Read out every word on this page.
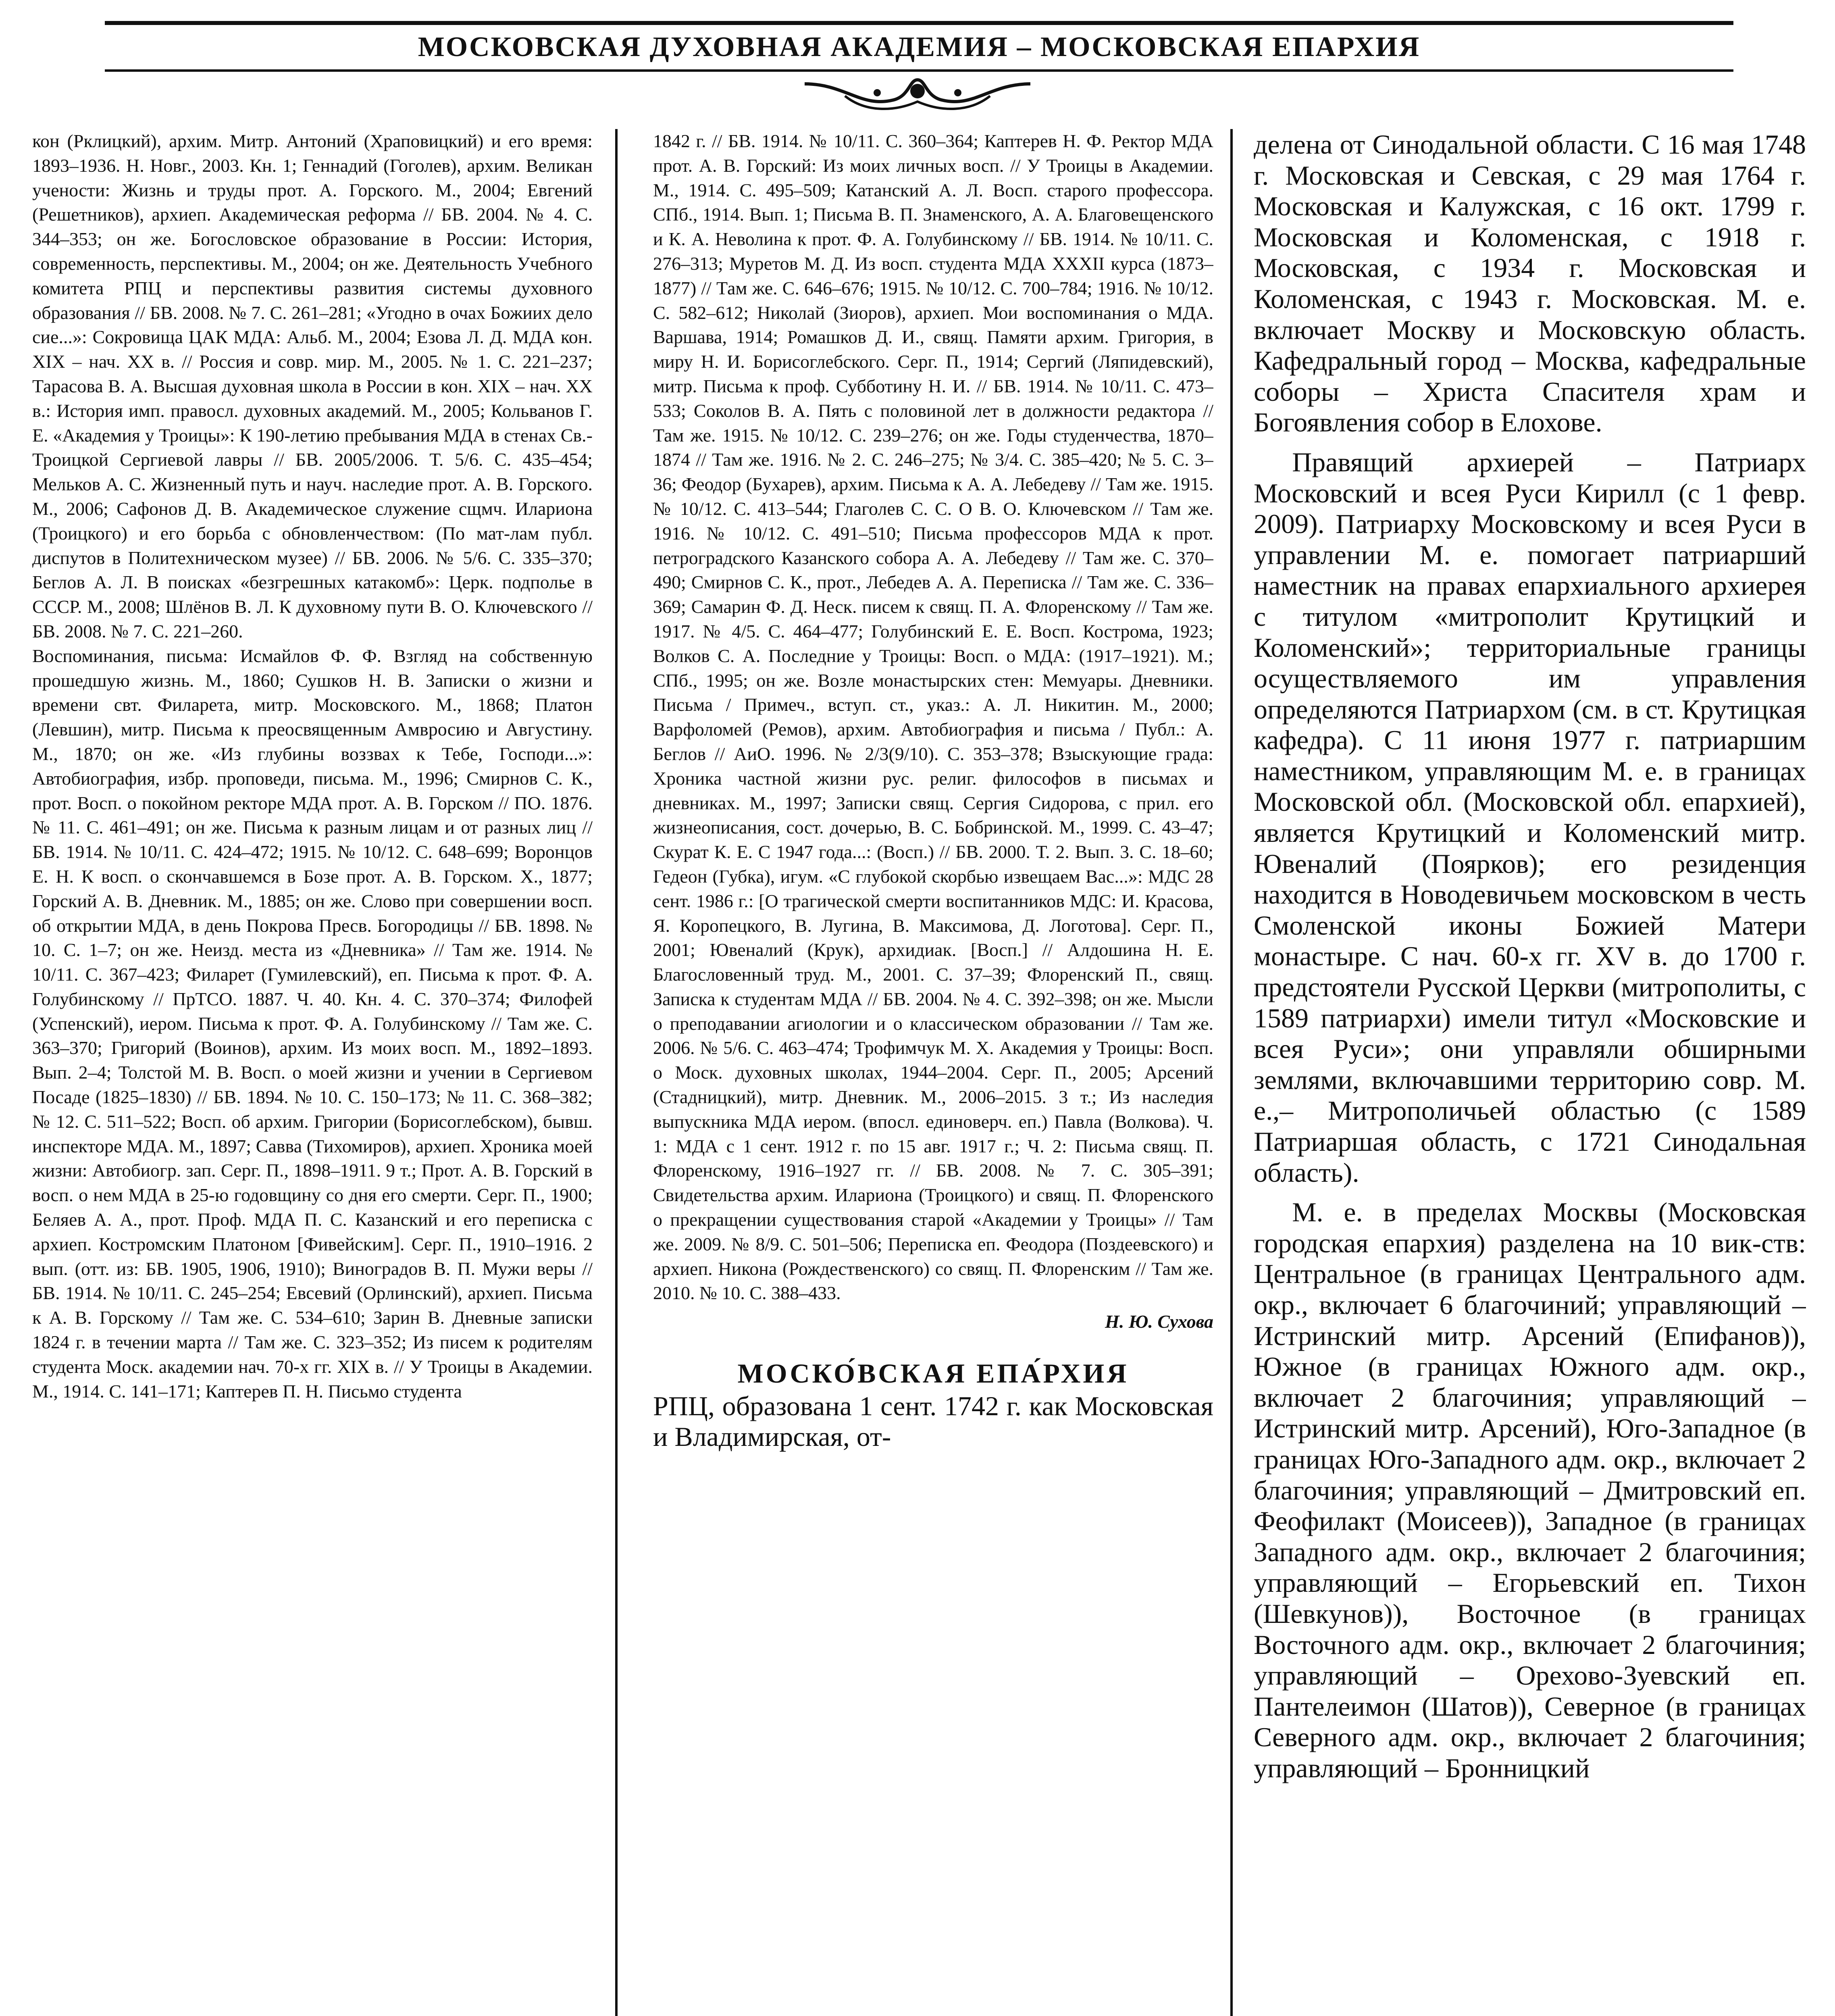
МОСКОВСКАЯ ДУХОВНАЯ АКАДЕМИЯ – МОСКОВСКАЯ ЕПАРХИЯ

кон (Рклицкий), архим. Митр. Антоний (Храповицкий) и его время: 1893–1936. Н. Новг., 2003. Кн. 1; Геннадий (Гоголев), архим. Великан учености: Жизнь и труды прот. А. Горского. М., 2004; Евгений (Решетников), архиеп. Академическая реформа // БВ. 2004. № 4. С. 344–353; он же. Богословское образование в России: История, современность, перспективы. М., 2004; он же. Деятельность Учебного комитета РПЦ и перспективы развития системы духовного образования // БВ. 2008. № 7. С. 261–281; «Угодно в очах Божиих дело сие...»: Сокровища ЦАК МДА: Альб. М., 2004; Езова Л. Д. МДА кон. XIX – нач. XX в. // Россия и совр. мир. М., 2005. № 1. С. 221–237; Тарасова В. А. Высшая духовная школа в России в кон. XIX – нач. XX в.: История имп. правосл. духовных академий. М., 2005; Кольванов Г. Е. «Академия у Троицы»: К 190-летию пребывания МДА в стенах Св.-Троицкой Сергиевой лавры // БВ. 2005/2006. Т. 5/6. С. 435–454; Мельков А. С. Жизненный путь и науч. наследие прот. А. В. Горского. М., 2006; Сафонов Д. В. Академическое служение сщмч. Илариона (Троицкого) и его борьба с обновленчеством: (По мат-лам публ. диспутов в Политехническом музее) // БВ. 2006. № 5/6. С. 335–370; Беглов А. Л. В поисках «безгрешных катакомб»: Церк. подполье в СССР. М., 2008; Шлёнов В. Л. К духовному пути В. О. Ключевского // БВ. 2008. № 7. С. 221–260.

Воспоминания, письма: Исмайлов Ф. Ф. Взгляд на собственную прошедшую жизнь. М., 1860; Сушков Н. В. Записки о жизни и времени свт. Филарета, митр. Московского. М., 1868; Платон (Левшин), митр. Письма к преосвященным Амвросию и Августину. М., 1870; он же. «Из глубины воззвах к Тебе, Господи...»: Автобиография, избр. проповеди, письма. М., 1996; Смирнов С. К., прот. Восп. о покойном ректоре МДА прот. А. В. Горском // ПО. 1876. № 11. С. 461–491; он же. Письма к разным лицам и от разных лиц // БВ. 1914. № 10/11. С. 424–472; 1915. № 10/12. С. 648–699; Воронцов Е. Н. К восп. о скончавшемся в Бозе прот. А. В. Горском. Х., 1877; Горский А. В. Дневник. М., 1885; он же. Слово при совершении восп. об открытии МДА, в день Покрова Пресв. Богородицы // БВ. 1898. № 10. С. 1–7; он же. Неизд. места из «Дневника» // Там же. 1914. № 10/11. С. 367–423; Филарет (Гумилевский), еп. Письма к прот. Ф. А. Голубинскому // ПрТСО. 1887. Ч. 40. Кн. 4. С. 370–374; Филофей (Успенский), иером. Письма к прот. Ф. А. Голубинскому // Там же. С. 363–370; Григорий (Воинов), архим. Из моих восп. М., 1892–1893. Вып. 2–4; Толстой М. В. Восп. о моей жизни и учении в Сергиевом Посаде (1825–1830) // БВ. 1894. № 10. С. 150–173; № 11. С. 368–382; № 12. С. 511–522; Восп. об архим. Григории (Борисоглебском), бывш. инспекторе МДА. М., 1897; Савва (Тихомиров), архиеп. Хроника моей жизни: Автобиогр. зап. Серг. П., 1898–1911. 9 т.; Прот. А. В. Горский в восп. о нем МДА в 25-ю годовщину со дня его смерти. Серг. П., 1900; Беляев А. А., прот. Проф. МДА П. С. Казанский и его переписка с архиеп. Костромским Платоном [Фивейским]. Серг. П., 1910–1916. 2 вып. (отт. из: БВ. 1905, 1906, 1910); Виноградов В. П. Мужи веры // БВ. 1914. № 10/11. С. 245–254; Евсевий (Орлинский), архиеп. Письма к А. В. Горскому // Там же. С. 534–610; Зарин В. Дневные записки 1824 г. в течении марта // Там же. С. 323–352; Из писем к родителям студента Моск. академии нач. 70-х гг. XIX в. // У Троицы в Академии. М., 1914. С. 141–171; Каптерев П. Н. Письмо студента

1842 г. // БВ. 1914. № 10/11. С. 360–364; Каптерев Н. Ф. Ректор МДА прот. А. В. Горский: Из моих личных восп. // У Троицы в Академии. М., 1914. С. 495–509; Катанский А. Л. Восп. старого профессора. СПб., 1914. Вып. 1; Письма В. П. Знаменского, А. А. Благовещенского и К. А. Неволина к прот. Ф. А. Голубинскому // БВ. 1914. № 10/11. С. 276–313; Муретов М. Д. Из восп. студента МДА XXXII курса (1873–1877) // Там же. С. 646–676; 1915. № 10/12. С. 700–784; 1916. № 10/12. С. 582–612; Николай (Зиоров), архиеп. Мои воспоминания о МДА. Варшава, 1914; Ромашков Д. И., свящ. Памяти архим. Григория, в миру Н. И. Борисоглебского. Серг. П., 1914; Сергий (Ляпидевский), митр. Письма к проф. Субботину Н. И. // БВ. 1914. № 10/11. С. 473–533; Соколов В. А. Пять с половиной лет в должности редактора // Там же. 1915. № 10/12. С. 239–276; он же. Годы студенчества, 1870–1874 // Там же. 1916. № 2. С. 246–275; № 3/4. С. 385–420; № 5. С. 3–36; Феодор (Бухарев), архим. Письма к А. А. Лебедеву // Там же. 1915. № 10/12. С. 413–544; Глаголев С. С. О В. О. Ключевском // Там же. 1916. № 10/12. С. 491–510; Письма профессоров МДА к прот. петроградского Казанского собора А. А. Лебедеву // Там же. С. 370–490; Смирнов С. К., прот., Лебедев А. А. Переписка // Там же. С. 336–369; Самарин Ф. Д. Неск. писем к свящ. П. А. Флоренскому // Там же. 1917. № 4/5. С. 464–477; Голубинский Е. Е. Восп. Кострома, 1923; Волков С. А. Последние у Троицы: Восп. о МДА: (1917–1921). М.; СПб., 1995; он же. Возле монастырских стен: Мемуары. Дневники. Письма / Примеч., вступ. ст., указ.: А. Л. Никитин. М., 2000; Варфоломей (Ремов), архим. Автобиография и письма / Публ.: А. Беглов // АиО. 1996. № 2/3(9/10). С. 353–378; Взыскующие града: Хроника частной жизни рус. религ. философов в письмах и дневниках. М., 1997; Записки свящ. Сергия Сидорова, с прил. его жизнеописания, сост. дочерью, В. С. Бобринской. М., 1999. С. 43–47; Скурат К. Е. С 1947 года...: (Восп.) // БВ. 2000. Т. 2. Вып. 3. С. 18–60; Гедеон (Губка), игум. «С глубокой скорбью извещаем Вас...»: МДС 28 сент. 1986 г.: [О трагической смерти воспитанников МДС: И. Красова, Я. Коропецкого, В. Лугина, В. Максимова, Д. Логотова]. Серг. П., 2001; Ювеналий (Крук), архидиак. [Восп.] // Алдошина Н. Е. Благословенный труд. М., 2001. С. 37–39; Флоренский П., свящ. Записка к студентам МДА // БВ. 2004. № 4. С. 392–398; он же. Мысли о преподавании агиологии и о классическом образовании // Там же. 2006. № 5/6. С. 463–474; Трофимчук М. Х. Академия у Троицы: Восп. о Моск. духовных школах, 1944–2004. Серг. П., 2005; Арсений (Стадницкий), митр. Дневник. М., 2006–2015. 3 т.; Из наследия выпускника МДА иером. (впосл. единоверч. еп.) Павла (Волкова). Ч. 1: МДА с 1 сент. 1912 г. по 15 авг. 1917 г.; Ч. 2: Письма свящ. П. Флоренскому, 1916–1927 гг. // БВ. 2008. № 7. С. 305–391; Свидетельства архим. Илариона (Троицкого) и свящ. П. Флоренского о прекращении существования старой «Академии у Троицы» // Там же. 2009. № 8/9. С. 501–506; Переписка еп. Феодора (Поздеевского) и архиеп. Никона (Рождественского) со свящ. П. Флоренским // Там же. 2010. № 10. С. 388–433.

Н. Ю. Сухова
МОСКО́ВСКАЯ ЕПА́РХИЯ

РПЦ, образована 1 сент. 1742 г. как Московская и Владимирская, от-

делена от Синодальной области. С 16 мая 1748 г. Московская и Севская, с 29 мая 1764 г. Московская и Калужская, с 16 окт. 1799 г. Московская и Коломенская, с 1918 г. Московская, с 1934 г. Московская и Коломенская, с 1943 г. Московская. М. е. включает Москву и Московскую область. Кафедральный город – Москва, кафедральные соборы – Христа Спасителя храм и Богоявления собор в Елохове.

Правящий архиерей – Патриарх Московский и всея Руси Кирилл (с 1 февр. 2009). Патриарху Московскому и всея Руси в управлении М. е. помогает патриарший наместник на правах епархиального архиерея с титулом «митрополит Крутицкий и Коломенский»; территориальные границы осуществляемого им управления определяются Патриархом (см. в ст. Крутицкая кафедра). С 11 июня 1977 г. патриаршим наместником, управляющим М. е. в границах Московской обл. (Московской обл. епархией), является Крутицкий и Коломенский митр. Ювеналий (Поярков); его резиденция находится в Новодевичьем московском в честь Смоленской иконы Божией Матери монастыре. С нач. 60-х гг. XV в. до 1700 г. предстоятели Русской Церкви (митрополиты, с 1589 патриархи) имели титул «Московские и всея Руси»; они управляли обширными землями, включавшими территорию совр. М. е.,– Митрополичьей областью (с 1589 Патриаршая область, с 1721 Синодальная область).

М. е. в пределах Москвы (Московская городская епархия) разделена на 10 вик-ств: Центральное (в границах Центрального адм. окр., включает 6 благочиний; управляющий – Истринский митр. Арсений (Епифанов)), Южное (в границах Южного адм. окр., включает 2 благочиния; управляющий – Истринский митр. Арсений), Юго-Западное (в границах Юго-Западного адм. окр., включает 2 благочиния; управляющий – Дмитровский еп. Феофилакт (Моисеев)), Западное (в границах Западного адм. окр., включает 2 благочиния; управляющий – Егорьевский еп. Тихон (Шевкунов)), Восточное (в границах Восточного адм. окр., включает 2 благочиния; управляющий – Орехово-Зуевский еп. Пантелеимон (Шатов)), Северное (в границах Северного адм. окр., включает 2 благочиния; управляющий – Бронницкий
